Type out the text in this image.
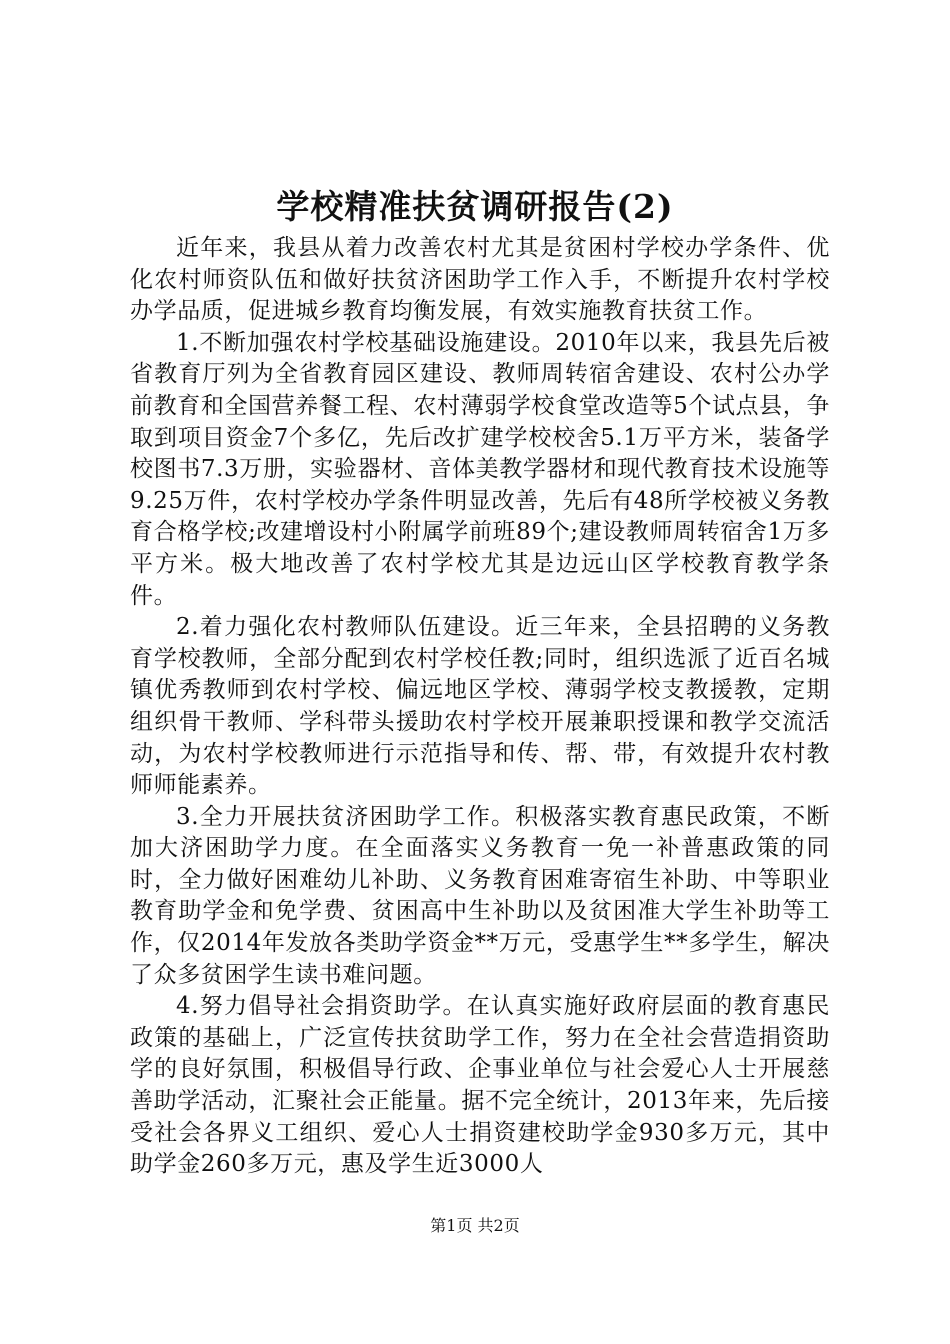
学校精准扶贫调研报告(2)

近年来，我县从着力改善农村尤其是贫困村学校办学条件、优化农村师资队伍和做好扶贫济困助学工作入手，不断提升农村学校办学品质，促进城乡教育均衡发展，有效实施教育扶贫工作。

1.不断加强农村学校基础设施建设。2010年以来，我县先后被省教育厅列为全省教育园区建设、教师周转宿舍建设、农村公办学前教育和全国营养餐工程、农村薄弱学校食堂改造等5个试点县，争取到项目资金7个多亿，先后改扩建学校校舍5.1万平方米，装备学校图书7.3万册，实验器材、音体美教学器材和现代教育技术设施等9.25万件，农村学校办学条件明显改善，先后有48所学校被义务教育合格学校;改建增设村小附属学前班89个;建设教师周转宿舍1万多平方米。极大地改善了农村学校尤其是边远山区学校教育教学条件。

2.着力强化农村教师队伍建设。近三年来，全县招聘的义务教育学校教师，全部分配到农村学校任教;同时，组织选派了近百名城镇优秀教师到农村学校、偏远地区学校、薄弱学校支教援教，定期组织骨干教师、学科带头援助农村学校开展兼职授课和教学交流活动，为农村学校教师进行示范指导和传、帮、带，有效提升农村教师师能素养。

3.全力开展扶贫济困助学工作。积极落实教育惠民政策，不断加大济困助学力度。在全面落实义务教育一免一补普惠政策的同时，全力做好困难幼儿补助、义务教育困难寄宿生补助、中等职业教育助学金和免学费、贫困高中生补助以及贫困准大学生补助等工作，仅2014年发放各类助学资金**万元，受惠学生**多学生，解决了众多贫困学生读书难问题。

4.努力倡导社会捐资助学。在认真实施好政府层面的教育惠民政策的基础上，广泛宣传扶贫助学工作，努力在全社会营造捐资助学的良好氛围，积极倡导行政、企事业单位与社会爱心人士开展慈善助学活动，汇聚社会正能量。据不完全统计，2013年来，先后接受社会各界义工组织、爱心人士捐资建校助学金930多万元，其中助学金260多万元，惠及学生近3000人

第1页 共2页
